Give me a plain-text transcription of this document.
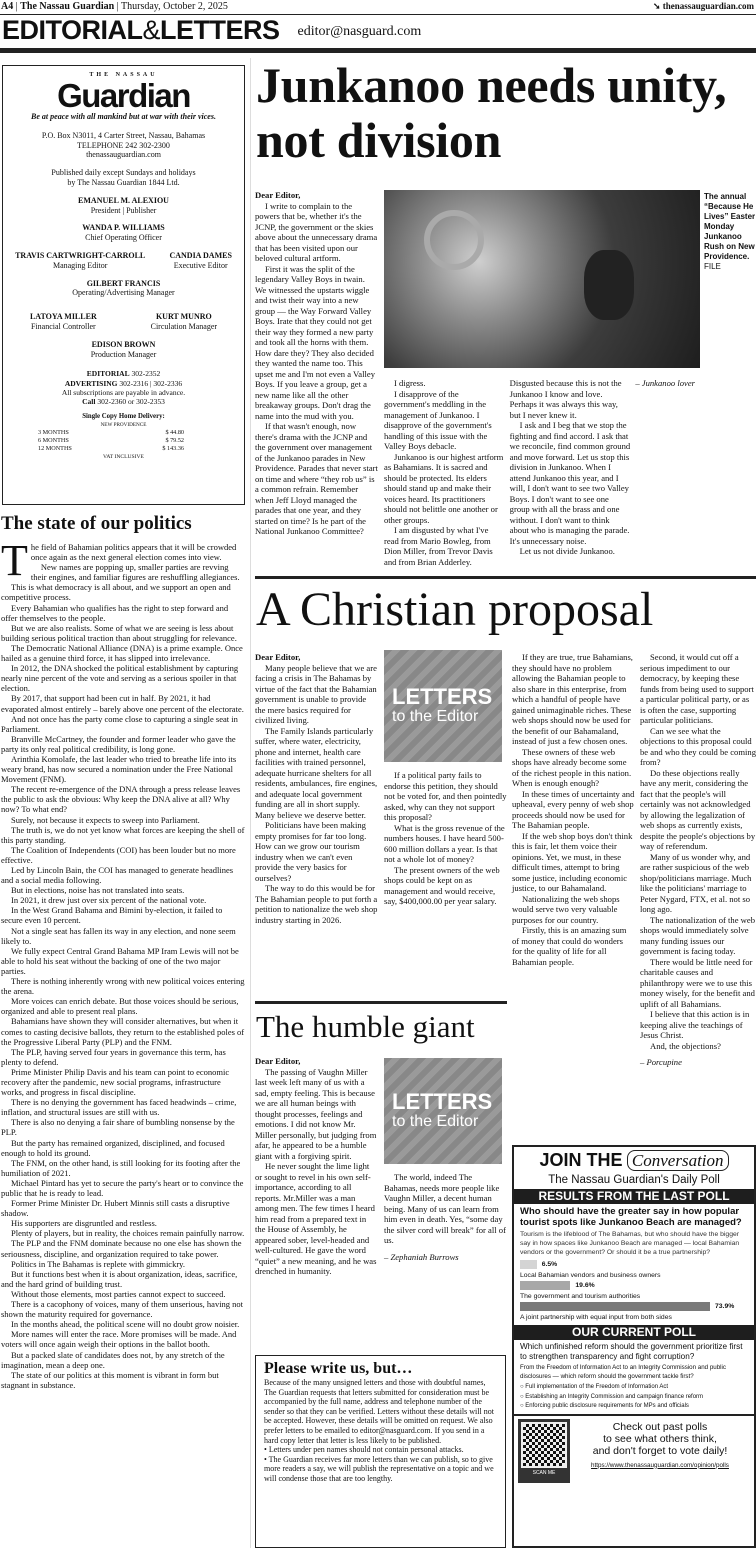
A4 | The Nassau Guardian | Thursday, October 2, 2025	➘ thenassauguardian.com
EDITORIAL&LETTERS editor@nasguard.com
THE NASSAU
Guardian
Be at peace with all mankind but at war with their vices.
P.O. Box N3011, 4 Carter Street, Nassau, Bahamas
TELEPHONE 242 302-2300
thenassauguardian.com
Published daily except Sundays and holidays
by The Nassau Guardian 1844 Ltd.
EMANUEL M. ALEXIOU
President | Publisher
WANDA P. WILLIAMS
Chief Operating Officer
TRAVIS CARTWRIGHT-CARROLL
Managing Editor
CANDIA DAMES
Executive Editor
GILBERT FRANCIS
Operating/Advertising Manager
LATOYA MILLER
Financial Controller
KURT MUNRO
Circulation Manager
EDISON BROWN
Production Manager
EDITORIAL 302-2352
ADVERTISING 302-2316 | 302-2336
All subscriptions are payable in advance.
Call 302-2360 or 302-2353
Single Copy Home Delivery:
NEW PROVIDENCE
3 MONTHS	$ 44.80
6 MONTHS	$ 79.52
12 MONTHS	$ 143.36
VAT INCLUSIVE
The state of our politics
T he field of Bahamian politics appears that it will be crowded once again as the next general election comes into view.

New names are popping up, smaller parties are revving their engines, and familiar figures are reshuffling allegiances.

This is what democracy is all about, and we support an open and competitive process.

Every Bahamian who qualifies has the right to step forward and offer themselves to the people.

But we are also realists. Some of what we are seeing is less about building serious political traction than about struggling for relevance.

The Democratic National Alliance (DNA) is a prime example. Once hailed as a genuine third force, it has slipped into irrelevance.

In 2012, the DNA shocked the political establishment by capturing nearly nine percent of the vote and serving as a serious spoiler in that election.

By 2017, that support had been cut in half. By 2021, it had evaporated almost entirely – barely above one percent of the electorate.

And not once has the party come close to capturing a single seat in Parliament.

Branville McCartney, the founder and former leader who gave the party its only real political credibility, is long gone.

Arinthia Komolafe, the last leader who tried to breathe life into its weary brand, has now secured a nomination under the Free National Movement (FNM).

The recent re-emergence of the DNA through a press release leaves the public to ask the obvious: Why keep the DNA alive at all? Why now? To what end?

Surely, not because it expects to sweep into Parliament.

The truth is, we do not yet know what forces are keeping the shell of this party standing.

The Coalition of Independents (COI) has been louder but no more effective.

Led by Lincoln Bain, the COI has managed to generate headlines and a social media following.

But in elections, noise has not translated into seats.

In 2021, it drew just over six percent of the national vote.

In the West Grand Bahama and Bimini by-election, it failed to secure even 10 percent.

Not a single seat has fallen its way in any election, and none seem likely to.

We fully expect Central Grand Bahama MP Iram Lewis will not be able to hold his seat without the backing of one of the two major parties.

There is nothing inherently wrong with new political voices entering the arena.

More voices can enrich debate. But those voices should be serious, organized and able to present real plans.

Bahamians have shown they will consider alternatives, but when it comes to casting decisive ballots, they return to the established poles of the Progressive Liberal Party (PLP) and the FNM.

The PLP, having served four years in governance this term, has plenty to defend.

Prime Minister Philip Davis and his team can point to economic recovery after the pandemic, new social programs, infrastructure works, and progress in fiscal discipline.

There is no denying the government has faced headwinds – crime, inflation, and structural issues are still with us.

There is also no denying a fair share of bumbling nonsense by the PLP.

But the party has remained organized, disciplined, and focused enough to hold its ground.

The FNM, on the other hand, is still looking for its footing after the humiliation of 2021.

Michael Pintard has yet to secure the party's heart or to convince the public that he is ready to lead.

Former Prime Minister Dr. Hubert Minnis still casts a disruptive shadow.

His supporters are disgruntled and restless.

Plenty of players, but in reality, the choices remain painfully narrow.

The PLP and the FNM dominate because no one else has shown the seriousness, discipline, and organization required to take power.

Politics in The Bahamas is replete with gimmickry.

But it functions best when it is about organization, ideas, sacrifice, and the hard grind of building trust.

Without those elements, most parties cannot expect to succeed.

There is a cacophony of voices, many of them unserious, having not shown the maturity required for governance.

In the months ahead, the political scene will no doubt grow noisier.

More names will enter the race. More promises will be made. And voters will once again weigh their options in the ballot booth.

But a packed slate of candidates does not, by any stretch of the imagination, mean a deep one.

The state of our politics at this moment is vibrant in form but stagnant in substance.

Junkanoo needs unity, not division
The annual “Because He Lives” Easter Monday Junkanoo Rush on New Providence. FILE

Dear Editor,

I write to complain to the powers that be, whether it's the JCNP, the government or the skies above about the unnecessary drama that has been visited upon our beloved cultural artform.

First it was the split of the legendary Valley Boys in twain. We witnessed the upstarts wiggle and twist their way into a new group — the Way Forward Valley Boys. Irate that they could not get their way they formed a new party and took all the horns with them. How dare they? They also decided they wanted the name too. This upset me and I'm not even a Valley Boys. If you leave a group, get a new name like all the other breakaway groups. Don't drag the name into the mud with you.

If that wasn't enough, now there's drama with the JCNP and the government over management of the Junkanoo parades in New Providence. Parades that never start on time and where “they rob us” is a common refrain. Remember when Jeff Lloyd managed the parades that one year, and they started on time? Is he part of the National Junkanoo Committee?

I digress.

I disapprove of the government's meddling in the management of Junkanoo. I disapprove of the government's handling of this issue with the Valley Boys debacle.

Junkanoo is our highest artform as Bahamians. It is sacred and should be protected. Its elders should stand up and make their voices heard. Its practitioners should not belittle one another or other groups.

I am disgusted by what I've read from Mario Bowleg, from Dion Miller, from Trevor Davis and from Brian Adderley. Disgusted because this is not the Junkanoo I know and love. Perhaps it was always this way, but I never knew it.

I ask and I beg that we stop the fighting and find accord. I ask that we reconcile, find common ground and move forward. Let us stop this division in Junkanoo. When I attend Junkanoo this year, and I will, I don't want to see two Valley Boys. I don't want to see one group with all the brass and one without. I don't want to think about who is managing the parade. It's unnecessary noise.

Let us not divide Junkanoo.

– Junkanoo lover

A Christian proposal
LETTERS
to the Editor

Dear Editor,

Many people believe that we are facing a crisis in The Bahamas by virtue of the fact that the Bahamian government is unable to provide the mere basics required for civilized living.

The Family Islands particularly suffer, where water, electricity, phone and internet, health care facilities with trained personnel, adequate hurricane shelters for all residents, ambulances, fire engines, and adequate local government funding are all in short supply. Many believe we deserve better.

Politicians have been making empty promises for far too long. How can we grow our tourism industry when we can't even provide the very basics for ourselves?

The way to do this would be for The Bahamian people to put forth a petition to nationalize the web shop industry starting in 2026.

If a political party fails to endorse this petition, they should not be voted for, and then pointedly asked, why can they not support this proposal?

What is the gross revenue of the numbers houses. I have heard 500-600 million dollars a year. Is that not a whole lot of money?

The present owners of the web shops could be kept on as management and would receive, say, $400,000.00 per year salary.

If they are true, true Bahamians, they should have no problem allowing the Bahamian people to also share in this enterprise, from which a handful of people have gained unimaginable riches. These web shops should now be used for the benefit of our Bahamaland, instead of just a few chosen ones.

These owners of these web shops have already become some of the richest people in this nation. When is enough enough?

In these times of uncertainty and upheaval, every penny of web shop proceeds should now be used for The Bahamian people.

If the web shop boys don't think this is fair, let them voice their opinions. Yet, we must, in these difficult times, attempt to bring some justice, including economic justice, to our Bahamaland.

Nationalizing the web shops would serve two very valuable purposes for our country.

Firstly, this is an amazing sum of money that could do wonders for the quality of life for all Bahamian people.

Second, it would cut off a serious impediment to our democracy, by keeping these funds from being used to support a particular political party, or as is often the case, supporting particular politicians.

Can we see what the objections to this proposal could be and who they could be coming from?

Do these objections really have any merit, considering the fact that the people's will certainly was not acknowledged by allowing the legalization of web shops as currently exists, despite the people's objections by way of referendum.

Many of us wonder why, and are rather suspicious of the web shop/politicians marriage. Much like the politicians' marriage to Peter Nygard, FTX, et al. not so long ago.

The nationalization of the web shops would immediately solve many funding issues our government is facing today.

There would be little need for charitable causes and philanthropy were we to use this money wisely, for the benefit and uplift of all Bahamians.

I believe that this action is in keeping alive the teachings of Jesus Christ.

And, the objections?

– Porcupine

The humble giant
LETTERS
to the Editor

Dear Editor,

The passing of Vaughn Miller last week left many of us with a sad, empty feeling. This is because we are all human beings with thought processes, feelings and emotions. I did not know Mr. Miller personally, but judging from afar, he appeared to be a humble giant with a forgiving spirit.

He never sought the lime light or sought to revel in his own self-importance, according to all reports. Mr.Miller was a man among men. The few times I heard him read from a prepared text in the House of Assembly, he appeared sober, level-headed and well-cultured. He gave the word “quiet” a new meaning, and he was drenched in humanity.

The world, indeed The Bahamas, needs more people like Vaughn Miller, a decent human being. Many of us can learn from him even in death. Yes, “some day the silver cord will break” for all of us.

– Zephaniah Burrows

Please write us, but…
Because of the many unsigned letters and those with doubtful names, The Guardian requests that letters submitted for consideration must be accompanied by the full name, address and telephone number of the sender so that they can be verified. Letters without these details will not be accepted. However, these details will be omitted on request. We also prefer letters to be emailed to editor@nasguard.com. If you send in a hard copy letter that letter is less likely to be published.
• Letters under pen names should not contain personal attacks.
• The Guardian receives far more letters than we can publish, so to give more readers a say, we will publish the representative on a topic and we will condense those that are too lengthy.
JOIN THE Conversation
The Nassau Guardian's Daily Poll
RESULTS FROM THE LAST POLL
Who should have the greater say in how popular tourist spots like Junkanoo Beach are managed?
Tourism is the lifeblood of The Bahamas, but who should have the bigger say in how spaces like Junkanoo Beach are managed — local Bahamian vendors or the government? Or should it be a true partnership?
6.5%
Local Bahamian vendors and business owners
19.6%
The government and tourism authorities
73.9%
A joint partnership with equal input from both sides
OUR CURRENT POLL
Which unfinished reform should the government prioritize first to strengthen transparency and fight corruption?
From the Freedom of Information Act to an Integrity Commission and public disclosures — which reform should the government tackle first?
○ Full implementation of the Freedom of Information Act
○ Establishing an Integrity Commission and campaign finance reform
○ Enforcing public disclosure requirements for MPs and officials
SCAN ME
Check out past polls
to see what others think,
and don't forget to vote daily!
https://www.thenassauguardian.com/opinion/polls
